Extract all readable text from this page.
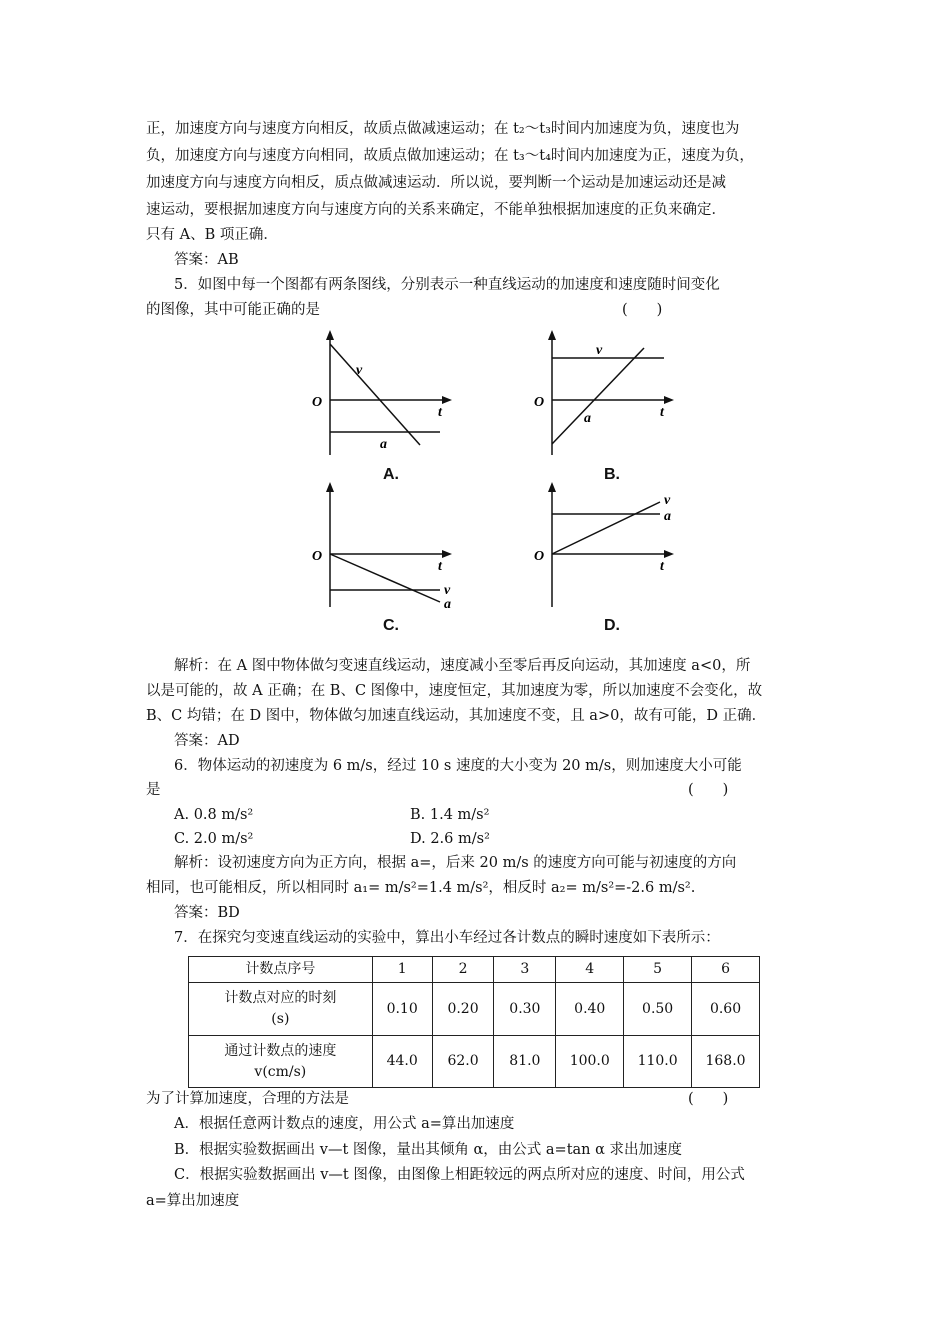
正，加速度方向与速度方向相反，故质点做减速运动；在 t₂～t₃时间内加速度为负，速度也为
负，加速度方向与速度方向相同，故质点做加速运动；在 t₃～t₄时间内加速度为正，速度为负，
加速度方向与速度方向相反，质点做减速运动．所以说，要判断一个运动是加速运动还是减
速运动，要根据加速度方向与速度方向的关系来确定，不能单独根据加速度的正负来确定．
只有 A、B 项正确．
答案：AB
5．如图中每一个图都有两条图线，分别表示一种直线运动的加速度和速度随时间变化
的图像，其中可能正确的是	(　　)
O
t
v
a
A.
O
t
v
a
B.
O
t
v
a
C.
O
t
v
a
D.
解析：在 A 图中物体做匀变速直线运动，速度减小至零后再反向运动，其加速度 a<0，所
以是可能的，故 A 正确；在 B、C 图像中，速度恒定，其加速度为零，所以加速度不会变化，故
B、C 均错；在 D 图中，物体做匀加速直线运动，其加速度不变，且 a>0，故有可能，D 正确．
答案：AD
6．物体运动的初速度为 6 m/s，经过 10 s 速度的大小变为 20 m/s，则加速度大小可能
是	(　　)
A. 0.8 m/s²	B. 1.4 m/s²
C. 2.0 m/s²	D. 2.6 m/s²
解析：设初速度方向为正方向，根据 a=，后来 20 m/s 的速度方向可能与初速度的方向
相同，也可能相反，所以相同时 a₁= m/s²=1.4 m/s²，相反时 a₂= m/s²=-2.6 m/s².
答案：BD
7．在探究匀变速直线运动的实验中，算出小车经过各计数点的瞬时速度如下表所示：
计数点序号	1	2	3	4	5	6

计数点对应的时刻(s)	0.10	0.20	0.30	0.40	0.50	0.60

通过计数点的速度 v(cm/s)	44.0	62.0	81.0	100.0	110.0	168.0
为了计算加速度，合理的方法是	(　　)
A．根据任意两计数点的速度，用公式 a=算出加速度
B．根据实验数据画出 v—t 图像，量出其倾角 α，由公式 a=tan α 求出加速度
C．根据实验数据画出 v—t 图像，由图像上相距较远的两点所对应的速度、时间，用公式
a=算出加速度
